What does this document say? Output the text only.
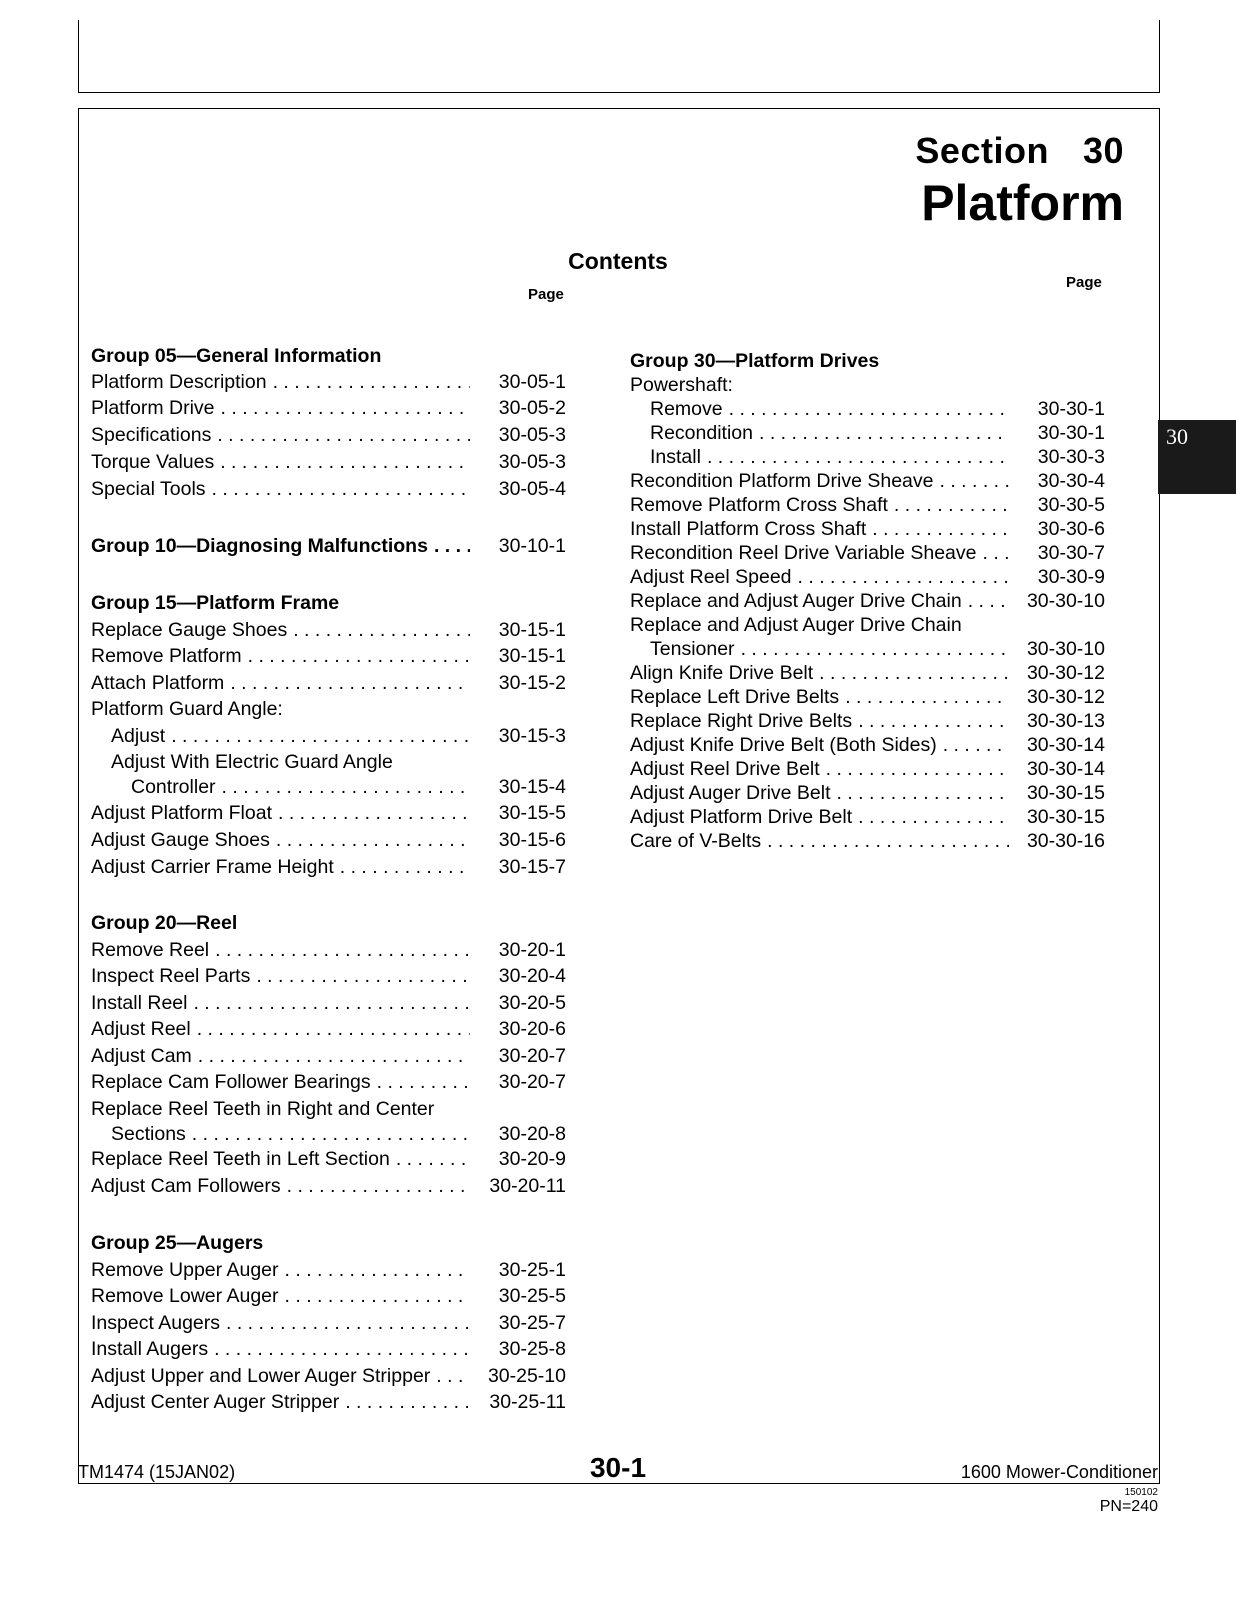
Section 30
Platform
Contents
Page
Page
Group 05—General Information
Platform Description . . .	30-05-1
Platform Drive . . .	30-05-2
Specifications . . .	30-05-3
Torque Values . . .	30-05-3
Special Tools . . .	30-05-4
Group 10—Diagnosing Malfunctions . . .	30-10-1
Group 15—Platform Frame
Replace Gauge Shoes . . .	30-15-1
Remove Platform . . .	30-15-1
Attach Platform . . .	30-15-2
Platform Guard Angle:
Adjust . . .	30-15-3
Adjust With Electric Guard Angle
Controller . . .	30-15-4
Adjust Platform Float . . .	30-15-5
Adjust Gauge Shoes . . .	30-15-6
Adjust Carrier Frame Height . . .	30-15-7
Group 20—Reel
Remove Reel . . .	30-20-1
Inspect Reel Parts . . .	30-20-4
Install Reel . . .	30-20-5
Adjust Reel . . .	30-20-6
Adjust Cam . . .	30-20-7
Replace Cam Follower Bearings . . .	30-20-7
Replace Reel Teeth in Right and Center
Sections . . .	30-20-8
Replace Reel Teeth in Left Section . . .	30-20-9
Adjust Cam Followers . . .	30-20-11
Group 25—Augers
Remove Upper Auger . . .	30-25-1
Remove Lower Auger . . .	30-25-5
Inspect Augers . . .	30-25-7
Install Augers . . .	30-25-8
Adjust Upper and Lower Auger Stripper . . .	30-25-10
Adjust Center Auger Stripper . . .	30-25-11
Group 30—Platform Drives
Powershaft:
Remove . . .	30-30-1
Recondition . . .	30-30-1
Install . . .	30-30-3
Recondition Platform Drive Sheave . . .	30-30-4
Remove Platform Cross Shaft . . .	30-30-5
Install Platform Cross Shaft . . .	30-30-6
Recondition Reel Drive Variable Sheave . . .	30-30-7
Adjust Reel Speed . . .	30-30-9
Replace and Adjust Auger Drive Chain . . .	30-30-10
Replace and Adjust Auger Drive Chain
Tensioner . . .	30-30-10
Align Knife Drive Belt . . .	30-30-12
Replace Left Drive Belts . . .	30-30-12
Replace Right Drive Belts . . .	30-30-13
Adjust Knife Drive Belt (Both Sides) . . .	30-30-14
Adjust Reel Drive Belt . . .	30-30-14
Adjust Auger Drive Belt . . .	30-30-15
Adjust Platform Drive Belt . . .	30-30-15
Care of V-Belts . . .	30-30-16
30
TM1474 (15JAN02)	30-1	1600 Mower-Conditioner
150102
PN=240
